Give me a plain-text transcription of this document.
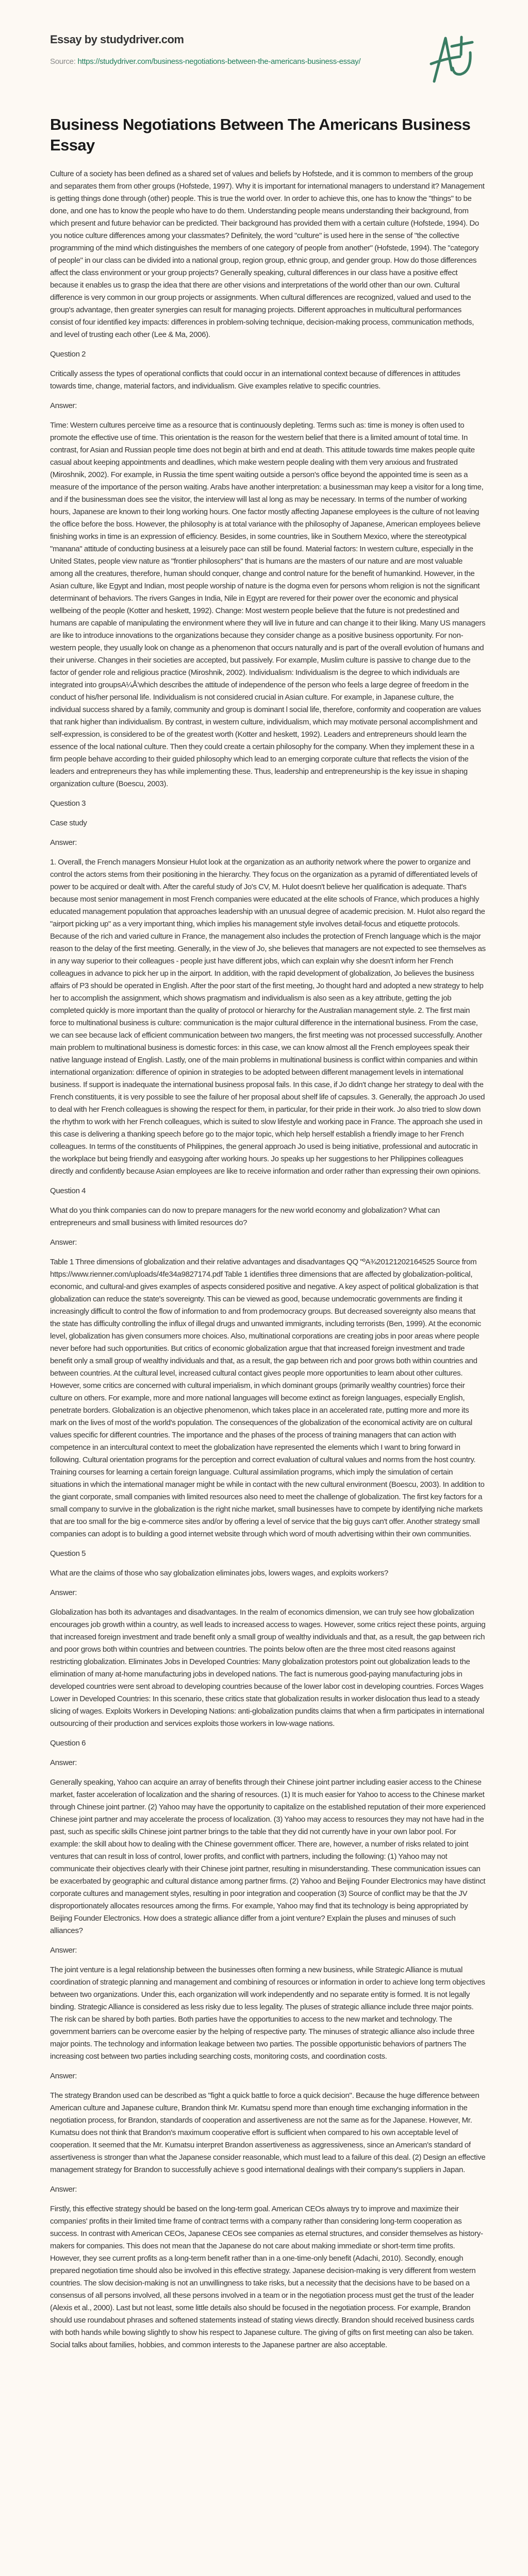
Essay by studydriver.com
Source: https://studydriver.com/business-negotiations-between-the-americans-business-essay/
Business Negotiations Between The Americans Business Essay

Culture of a society has been defined as a shared set of values and beliefs by Hofstede, and it is common to members of the group and separates them from other groups (Hofstede, 1997). Why it is important for international managers to understand it? Management is getting things done through (other) people. This is true the world over. In order to achieve this, one has to know the "things" to be done, and one has to know the people who have to do them. Understanding people means understanding their background, from which present and future behavior can be predicted. Their background has provided them with a certain culture (Hofstede, 1994). Do you notice culture differences among your classmates? Definitely, the word "culture" is used here in the sense of "the collective programming of the mind which distinguishes the members of one category of people from another" (Hofstede, 1994). The "category of people" in our class can be divided into a national group, region group, ethnic group, and gender group. How do those differences affect the class environment or your group projects? Generally speaking, cultural differences in our class have a positive effect because it enables us to grasp the idea that there are other visions and interpretations of the world other than our own. Cultural difference is very common in our group projects or assignments. When cultural differences are recognized, valued and used to the group's advantage, then greater synergies can result for managing projects. Different approaches in multicultural performances consist of four identified key impacts: differences in problem-solving technique, decision-making process, communication methods, and level of trusting each other (Lee & Ma, 2006).

Question 2

Critically assess the types of operational conflicts that could occur in an international context because of differences in attitudes towards time, change, material factors, and individualism. Give examples relative to specific countries.

Answer:

Time: Western cultures perceive time as a resource that is continuously depleting. Terms such as: time is money is often used to promote the effective use of time. This orientation is the reason for the western belief that there is a limited amount of total time. In contrast, for Asian and Russian people time does not begin at birth and end at death. This attitude towards time makes people quite casual about keeping appointments and deadlines, which make western people dealing with them very anxious and frustrated (Miroshnik, 2002). For example, in Russia the time spent waiting outside a person's office beyond the appointed time is seen as a measure of the importance of the person waiting. Arabs have another interpretation: a businessman may keep a visitor for a long time, and if the businessman does see the visitor, the interview will last al long as may be necessary. In terms of the number of working hours, Japanese are known to their long working hours. One factor mostly affecting Japanese employees is the culture of not leaving the office before the boss. However, the philosophy is at total variance with the philosophy of Japanese, American employees believe finishing works in time is an expression of efficiency. Besides, in some countries, like in Southern Mexico, where the stereotypical "manana" attitude of conducting business at a leisurely pace can still be found. Material factors: In western culture, especially in the United States, people view nature as "frontier philosophers" that is humans are the masters of our nature and are most valuable among all the creatures, therefore, human should conquer, change and control nature for the benefit of humankind. However, in the Asian culture, like Egypt and Indian, most people worship of nature is the dogma even for persons whom religion is not the significant determinant of behaviors. The rivers Ganges in India, Nile in Egypt are revered for their power over the economic and physical wellbeing of the people (Kotter and heskett, 1992). Change: Most western people believe that the future is not predestined and humans are capable of manipulating the environment where they will live in future and can change it to their liking. Many US managers are like to introduce innovations to the organizations because they consider change as a positive business opportunity. For non- western people, they usually look on change as a phenomenon that occurs naturally and is part of the overall evolution of humans and their universe. Changes in their societies are accepted, but passively. For example, Muslim culture is passive to change due to the factor of gender role and religious practice (Miroshnik, 2002). Individualism: Individualism is the degree to which individuals are integrated into groupsA¼Å'which describes the attitude of independence of the person who feels a large degree of freedom in the conduct of his/her personal life. Individualism is not considered crucial in Asian culture. For example, in Japanese culture, the individual success shared by a family, community and group is dominant l social life, therefore, conformity and cooperation are values that rank higher than individualism. By contrast, in western culture, individualism, which may motivate personal accomplishment and self-expression, is considered to be of the greatest worth (Kotter and heskett, 1992). Leaders and entrepreneurs should learn the essence of the local national culture. Then they could create a certain philosophy for the company. When they implement these in a firm people behave according to their guided philosophy which lead to an emerging corporate culture that reflects the vision of the leaders and entrepreneurs they has while implementing these. Thus, leadership and entrepreneurship is the key issue in shaping organization culture (Boescu, 2003).

Question 3

Case study

Answer:

1. Overall, the French managers Monsieur Hulot look at the organization as an authority network where the power to organize and control the actors stems from their positioning in the hierarchy. They focus on the organization as a pyramid of differentiated levels of power to be acquired or dealt with. After the careful study of Jo's CV, M. Hulot doesn't believe her qualification is adequate. That's because most senior management in most French companies were educated at the elite schools of France, which produces a highly educated management population that approaches leadership with an unusual degree of academic precision. M. Hulot also regard the "airport picking up" as a very important thing, which implies his management style involves detail-focus and etiquette protocols. Because of the rich and varied culture in France, the management also includes the protection of French language which is the major reason to the delay of the first meeting. Generally, in the view of Jo, she believes that managers are not expected to see themselves as in any way superior to their colleagues - people just have different jobs, which can explain why she doesn't inform her French colleagues in advance to pick her up in the airport. In addition, with the rapid development of globalization, Jo believes the business affairs of P3 should be operated in English. After the poor start of the first meeting, Jo thought hard and adopted a new strategy to help her to accomplish the assignment, which shows pragmatism and individualism is also seen as a key attribute, getting the job completed quickly is more important than the quality of protocol or hierarchy for the Australian management style. 2. The first main force to multinational business is culture: communication is the major cultural difference in the international business. From the case, we can see because lack of efficient communication between two mangers, the first meeting was not processed successfully. Another main problem to multinational business is domestic forces: in this case, we can know almost all the French employees speak their native language instead of English. Lastly, one of the main problems in multinational business is conflict within companies and within international organization: difference of opinion in strategies to be adopted between different management levels in international business. If support is inadequate the international business proposal fails. In this case, if Jo didn't change her strategy to deal with the French constituents, it is very possible to see the failure of her proposal about shelf life of capsules. 3. Generally, the approach Jo used to deal with her French colleagues is showing the respect for them, in particular, for their pride in their work. Jo also tried to slow down the rhythm to work with her French colleagues, which is suited to slow lifestyle and working pace in France. The approach she used in this case is delivering a thanking speech before go to the major topic, which help herself establish a friendly image to her French colleagues. In terms of the constituents of Philippines, the general approach Jo used is being initiative, professional and autocratic in the workplace but being friendly and easygoing after working hours. Jo speaks up her suggestions to her Philippines colleagues directly and confidently because Asian employees are like to receive information and order rather than expressing their own opinions.

Question 4

What do you think companies can do now to prepare managers for the new world economy and globalization? What can entrepreneurs and small business with limited resources do?

Answer:

Table 1 Three dimensions of globalization and their relative advantages and disadvantages QQ "ºA¾20121202164525 Source from https://www.rienner.com/uploads/4fe34a9827174.pdf Table 1 identifies three dimensions that are affected by globalization-political, economic, and cultural-and gives examples of aspects considered positive and negative. A key aspect of political globalization is that globalization can reduce the state's sovereignty. This can be viewed as good, because undemocratic governments are finding it increasingly difficult to control the flow of information to and from prodemocracy groups. But decreased sovereignty also means that the state has difficulty controlling the influx of illegal drugs and unwanted immigrants, including terrorists (Ben, 1999). At the economic level, globalization has given consumers more choices. Also, multinational corporations are creating jobs in poor areas where people never before had such opportunities. But critics of economic globalization argue that that increased foreign investment and trade benefit only a small group of wealthy individuals and that, as a result, the gap between rich and poor grows both within countries and between countries. At the cultural level, increased cultural contact gives people more opportunities to learn about other cultures. However, some critics are concerned with cultural imperialism, in which dominant groups (primarily wealthy countries) force their culture on others. For example, more and more national languages will become extinct as foreign languages, especially English, penetrate borders. Globalization is an objective phenomenon, which takes place in an accelerated rate, putting more and more its mark on the lives of most of the world's population. The consequences of the globalization of the economical activity are on cultural values specific for different countries. The importance and the phases of the process of training managers that can action with competence in an intercultural context to meet the globalization have represented the elements which I want to bring forward in following. Cultural orientation programs for the perception and correct evaluation of cultural values and norms from the host country. Training courses for learning a certain foreign language. Cultural assimilation programs, which imply the simulation of certain situations in which the international manager might be while in contact with the new cultural environment (Boescu, 2003). In addition to the giant corporate, small companies with limited resources also need to meet the challenge of globalization. The first key factors for a small company to survive in the globalization is the right niche market, small businesses have to compete by identifying niche markets that are too small for the big e-commerce sites and/or by offering a level of service that the big guys can't offer. Another strategy small companies can adopt is to building a good internet website through which word of mouth advertising within their own communities.

Question 5

What are the claims of those who say globalization eliminates jobs, lowers wages, and exploits workers?

Answer:

Globalization has both its advantages and disadvantages. In the realm of economics dimension, we can truly see how globalization encourages job growth within a country, as well leads to increased access to wages. However, some critics reject these points, arguing that increased foreign investment and trade benefit only a small group of wealthy individuals and that, as a result, the gap between rich and poor grows both within countries and between countries. The points below often are the three most cited reasons against restricting globalization. Eliminates Jobs in Developed Countries: Many globalization protestors point out globalization leads to the elimination of many at-home manufacturing jobs in developed nations. The fact is numerous good-paying manufacturing jobs in developed countries were sent abroad to developing countries because of the lower labor cost in developing countries. Forces Wages Lower in Developed Countries: In this scenario, these critics state that globalization results in worker dislocation thus lead to a steady slicing of wages. Exploits Workers in Developing Nations: anti-globalization pundits claims that when a firm participates in international outsourcing of their production and services exploits those workers in low-wage nations.

Question 6

Answer:

Generally speaking, Yahoo can acquire an array of benefits through their Chinese joint partner including easier access to the Chinese market, faster acceleration of localization and the sharing of resources. (1) It is much easier for Yahoo to access to the Chinese market through Chinese joint partner. (2) Yahoo may have the opportunity to capitalize on the established reputation of their more experienced Chinese joint partner and may accelerate the process of localization. (3) Yahoo may access to resources they may not have had in the past, such as specific skills Chinese joint partner brings to the table that they did not currently have in your own labor pool. For example: the skill about how to dealing with the Chinese government officer. There are, however, a number of risks related to joint ventures that can result in loss of control, lower profits, and conflict with partners, including the following: (1) Yahoo may not communicate their objectives clearly with their Chinese joint partner, resulting in misunderstanding. These communication issues can be exacerbated by geographic and cultural distance among partner firms. (2) Yahoo and Beijing Founder Electronics may have distinct corporate cultures and management styles, resulting in poor integration and cooperation (3) Source of conflict may be that the JV disproportionately allocates resources among the firms. For example, Yahoo may find that its technology is being appropriated by Beijing Founder Electronics. How does a strategic alliance differ from a joint venture? Explain the pluses and minuses of such alliances?

Answer:

The joint venture is a legal relationship between the businesses often forming a new business, while Strategic Alliance is mutual coordination of strategic planning and management and combining of resources or information in order to achieve long term objectives between two organizations. Under this, each organization will work independently and no separate entity is formed. It is not legally binding. Strategic Alliance is considered as less risky due to less legality. The pluses of strategic alliance include three major points. The risk can be shared by both parties. Both parties have the opportunities to access to the new market and technology. The government barriers can be overcome easier by the helping of respective party. The minuses of strategic alliance also include three major points. The technology and information leakage between two parties. The possible opportunistic behaviors of partners The increasing cost between two parties including searching costs, monitoring costs, and coordination costs.

Answer:

The strategy Brandon used can be described as "fight a quick battle to force a quick decision". Because the huge difference between American culture and Japanese culture, Brandon think Mr. Kumatsu spend more than enough time exchanging information in the negotiation process, for Brandon, standards of cooperation and assertiveness are not the same as for the Japanese. However, Mr. Kumatsu does not think that Brandon's maximum cooperative effort is sufficient when compared to his own acceptable level of cooperation. It seemed that the Mr. Kumatsu interpret Brandon assertiveness as aggressiveness, since an American's standard of assertiveness is stronger than what the Japanese consider reasonable, which must lead to a failure of this deal. (2) Design an effective management strategy for Brandon to successfully achieve s good international dealings with their company's suppliers in Japan.

Answer:

Firstly, this effective strategy should be based on the long-term goal. American CEOs always try to improve and maximize their companies' profits in their limited time frame of contract terms with a company rather than considering long-term cooperation as success. In contrast with American CEOs, Japanese CEOs see companies as eternal structures, and consider themselves as history-makers for companies. This does not mean that the Japanese do not care about making immediate or short-term time profits. However, they see current profits as a long-term benefit rather than in a one-time-only benefit (Adachi, 2010). Secondly, enough prepared negotiation time should also be involved in this effective strategy. Japanese decision-making is very different from western countries. The slow decision-making is not an unwillingness to take risks, but a necessity that the decisions have to be based on a consensus of all persons involved, all these persons involved in a team or in the negotiation process must get the trust of the leader (Alexis et al., 2000). Last but not least, some little details also should be focused in the negotiation process. For example, Brandon should use roundabout phrases and softened statements instead of stating views directly. Brandon should received business cards with both hands while bowing slightly to show his respect to Japanese culture. The giving of gifts on first meeting can also be taken. Social talks about families, hobbies, and common interests to the Japanese partner are also acceptable.
